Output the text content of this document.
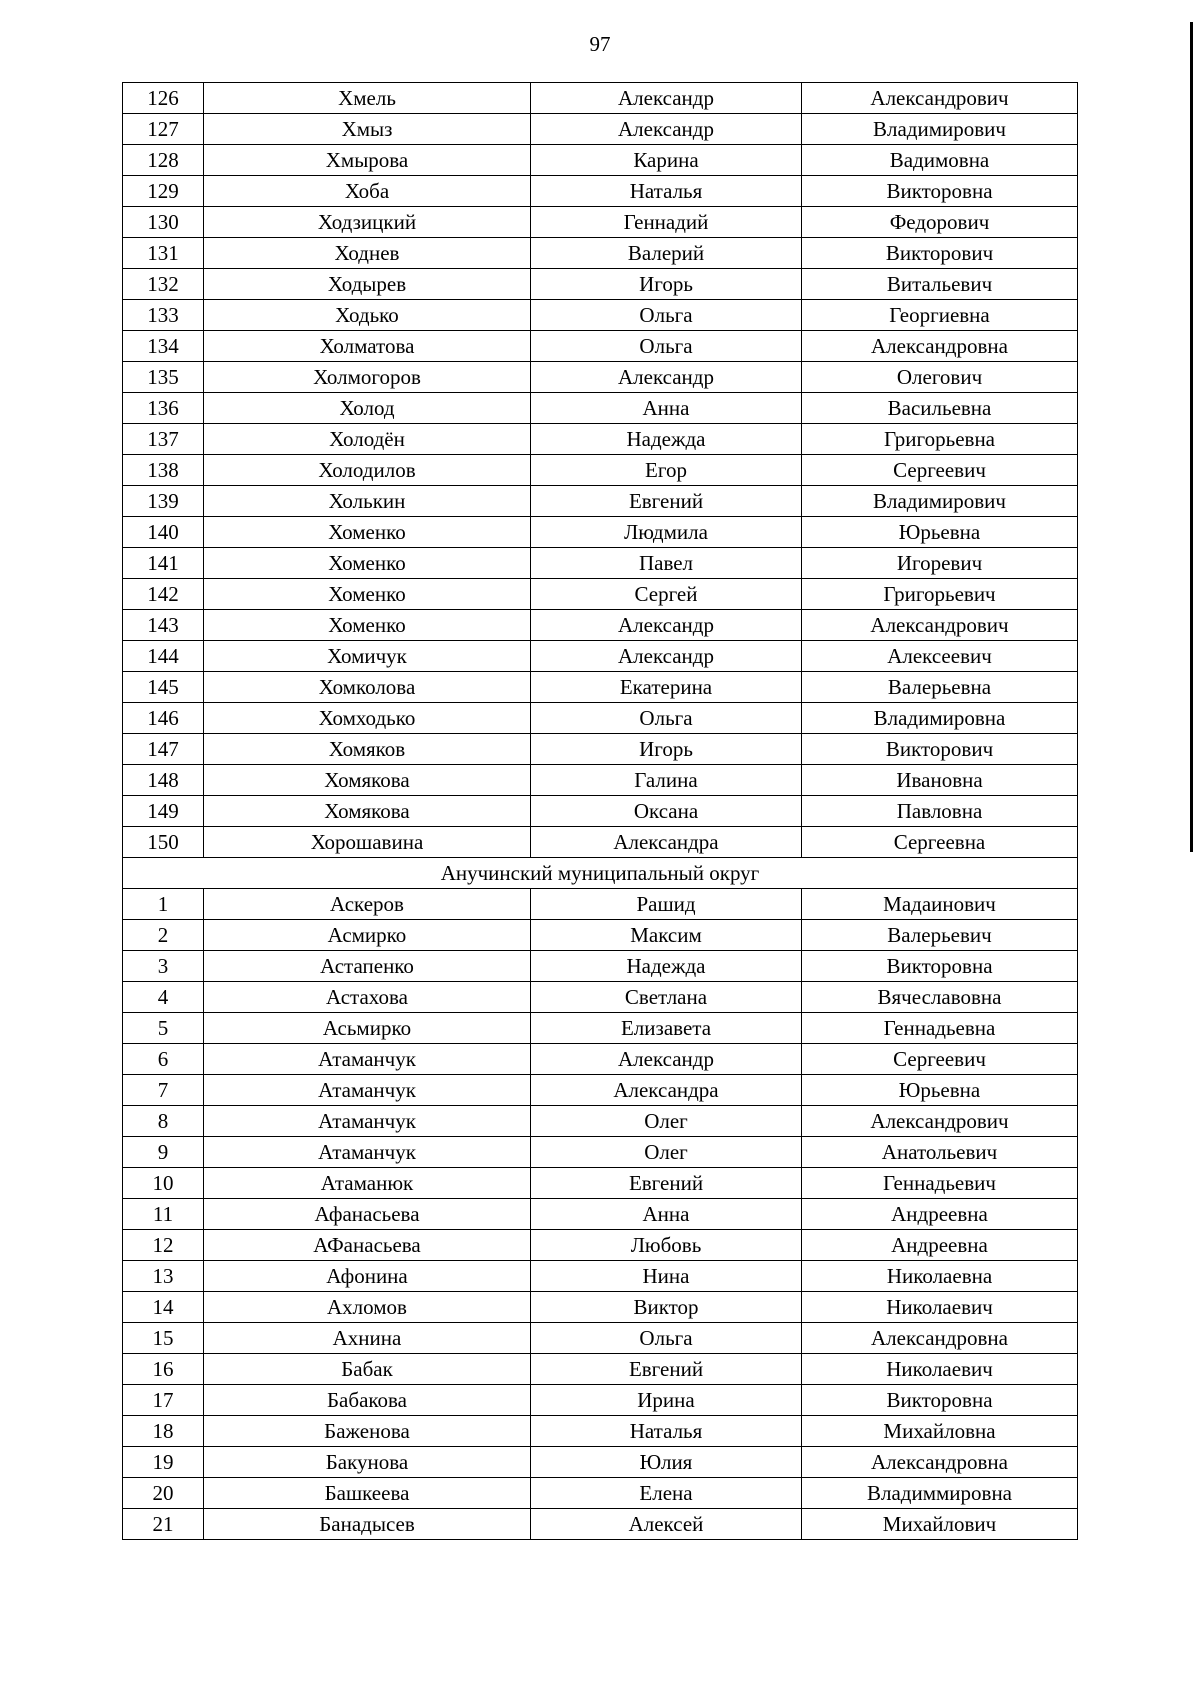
97
126	Хмель	Александр	Александрович
127	Хмыз	Александр	Владимирович
128	Хмырова	Карина	Вадимовна
129	Хоба	Наталья	Викторовна
130	Ходзицкий	Геннадий	Федорович
131	Ходнев	Валерий	Викторович
132	Ходырев	Игорь	Витальевич
133	Ходько	Ольга	Георгиевна
134	Холматова	Ольга	Александровна
135	Холмогоров	Александр	Олегович
136	Холод	Анна	Васильевна
137	Холодён	Надежда	Григорьевна
138	Холодилов	Егор	Сергеевич
139	Холькин	Евгений	Владимирович
140	Хоменко	Людмила	Юрьевна
141	Хоменко	Павел	Игоревич
142	Хоменко	Сергей	Григорьевич
143	Хоменко	Александр	Александрович
144	Хомичук	Александр	Алексеевич
145	Хомколова	Екатерина	Валерьевна
146	Хомходько	Ольга	Владимировна
147	Хомяков	Игорь	Викторович
148	Хомякова	Галина	Ивановна
149	Хомякова	Оксана	Павловна
150	Хорошавина	Александра	Сергеевна
Анучинский муниципальный округ			
1	Аскеров	Рашид	Мадаинович
2	Асмирко	Максим	Валерьевич
3	Астапенко	Надежда	Викторовна
4	Астахова	Светлана	Вячеславовна
5	Асьмирко	Елизавета	Геннадьевна
6	Атаманчук	Александр	Сергеевич
7	Атаманчук	Александра	Юрьевна
8	Атаманчук	Олег	Александрович
9	Атаманчук	Олег	Анатольевич
10	Атаманюк	Евгений	Геннадьевич
11	Афанасьева	Анна	Андреевна
12	АФанасьева	Любовь	Андреевна
13	Афонина	Нина	Николаевна
14	Ахломов	Виктор	Николаевич
15	Ахнина	Ольга	Александровна
16	Бабак	Евгений	Николаевич
17	Бабакова	Ирина	Викторовна
18	Баженова	Наталья	Михайловна
19	Бакунова	Юлия	Александровна
20	Башкеева	Елена	Владиммировна
21	Банадысев	Алексей	Михайлович
